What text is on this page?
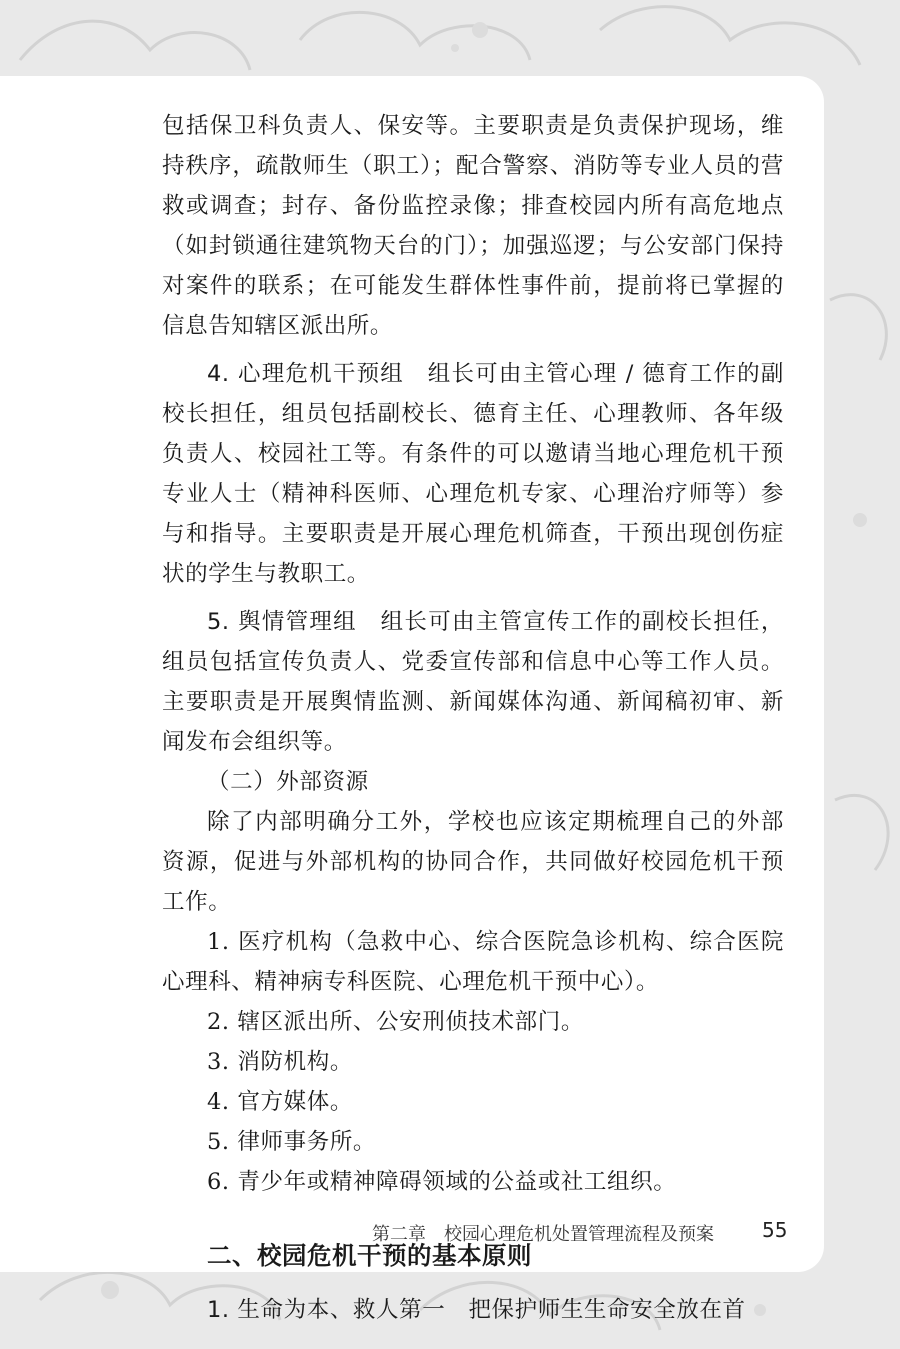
包括保卫科负责人、保安等。主要职责是负责保护现场，维持秩序，疏散师生（职工）；配合警察、消防等专业人员的营救或调查；封存、备份监控录像；排查校园内所有高危地点（如封锁通往建筑物天台的门）；加强巡逻；与公安部门保持对案件的联系；在可能发生群体性事件前，提前将已掌握的信息告知辖区派出所。

4. 心理危机干预组　 组长可由主管心理 / 德育工作的副校长担任，组员包括副校长、德育主任、心理教师、各年级负责人、校园社工等。有条件的可以邀请当地心理危机干预专业人士（精神科医师、心理危机专家、心理治疗师等）参与和指导。主要职责是开展心理危机筛查，干预出现创伤症状的学生与教职工。

5. 舆情管理组　 组长可由主管宣传工作的副校长担任，组员包括宣传负责人、党委宣传部和信息中心等工作人员。主要职责是开展舆情监测、新闻媒体沟通、新闻稿初审、新闻发布会组织等。

（二）外部资源

除了内部明确分工外，学校也应该定期梳理自己的外部资源，促进与外部机构的协同合作，共同做好校园危机干预工作。

1. 医疗机构（急救中心、综合医院急诊机构、综合医院心理科、精神病专科医院、心理危机干预中心）。

2. 辖区派出所、公安刑侦技术部门。

3. 消防机构。

4. 官方媒体。

5. 律师事务所。

6. 青少年或精神障碍领域的公益或社工组织。

二、校园危机干预的基本原则

1. 生命为本、救人第一　 把保护师生生命安全放在首

第二章　校园心理危机处置管理流程及预案 55
